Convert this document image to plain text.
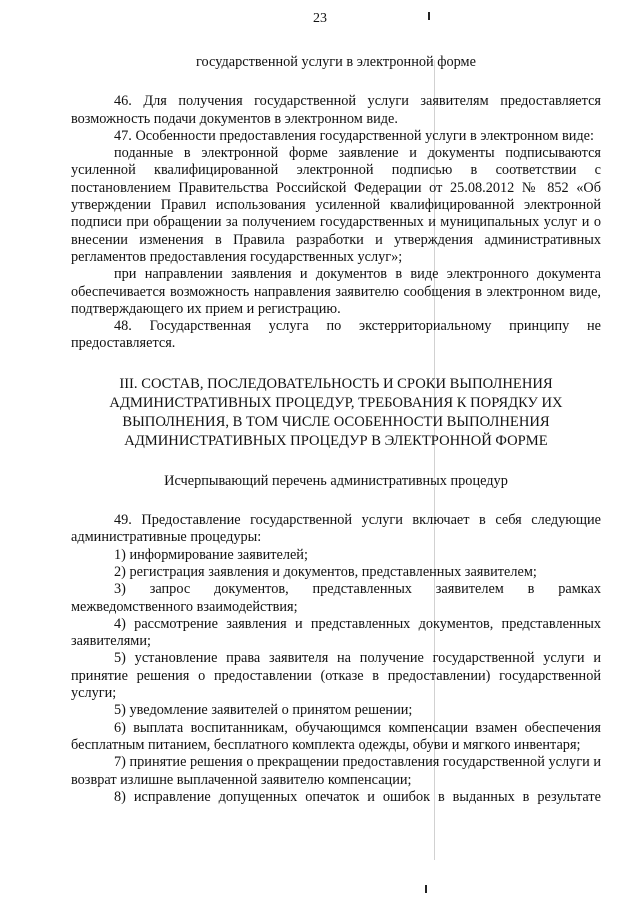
23

государственной услуги в электронной форме

46. Для получения государственной услуги заявителям предоставляется возможность подачи документов в электронном виде.

47. Особенности предоставления государственной услуги в электронном виде:

поданные в электронной форме заявление и документы подписываются усиленной квалифицированной электронной подписью в соответствии с постановлением Правительства Российской Федерации от 25.08.2012 № 852 «Об утверждении Правил использования усиленной квалифицированной электронной подписи при обращении за получением государственных и муниципальных услуг и о внесении изменения в Правила разработки и утверждения административных регламентов предоставления государственных услуг»;

при направлении заявления и документов в виде электронного документа обеспечивается возможность направления заявителю сообщения в электронном виде, подтверждающего их прием и регистрацию.

48. Государственная услуга по экстерриториальному принципу не предоставляется.

III. СОСТАВ, ПОСЛЕДОВАТЕЛЬНОСТЬ И СРОКИ ВЫПОЛНЕНИЯ АДМИНИСТРАТИВНЫХ ПРОЦЕДУР, ТРЕБОВАНИЯ К ПОРЯДКУ ИХ ВЫПОЛНЕНИЯ, В ТОМ ЧИСЛЕ ОСОБЕННОСТИ ВЫПОЛНЕНИЯ АДМИНИСТРАТИВНЫХ ПРОЦЕДУР В ЭЛЕКТРОННОЙ ФОРМЕ

Исчерпывающий перечень административных процедур

49. Предоставление государственной услуги включает в себя следующие административные процедуры:

1) информирование заявителей;

2) регистрация заявления и документов, представленных заявителем;

3) запрос документов, представленных заявителем в рамках межведомственного взаимодействия;

4) рассмотрение заявления и представленных документов, представленных заявителями;

5) установление права заявителя на получение государственной услуги и принятие решения о предоставлении (отказе в предоставлении) государственной услуги;

5) уведомление заявителей о принятом решении;

6) выплата воспитанникам, обучающимся компенсации взамен обеспечения бесплатным питанием, бесплатного комплекта одежды, обуви и мягкого инвентаря;

7) принятие решения о прекращении предоставления государственной услуги и возврат излишне выплаченной заявителю компенсации;

8) исправление допущенных опечаток и ошибок в выданных в результате
